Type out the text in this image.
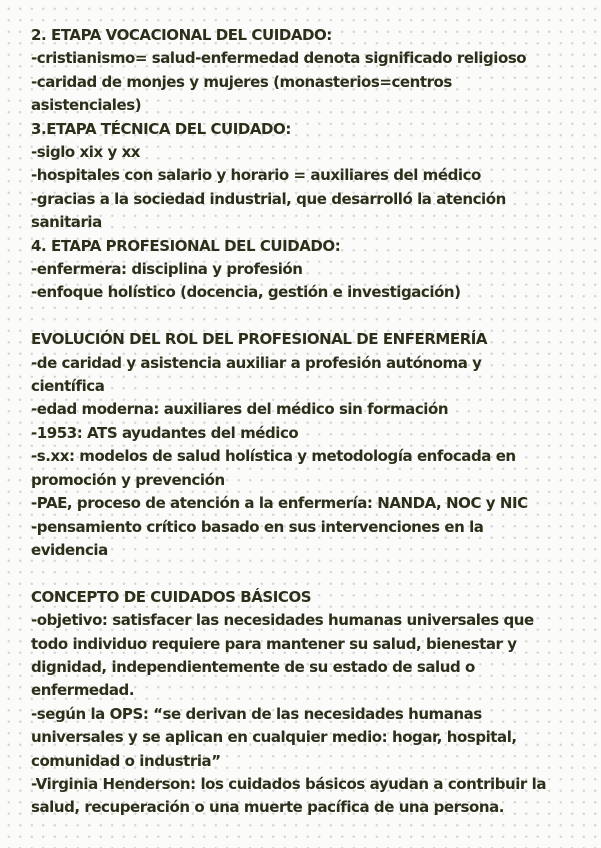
2. ETAPA VOCACIONAL DEL CUIDADO:
-cristianismo= salud-enfermedad denota significado religioso
-caridad de monjes y mujeres (monasterios=centros
asistenciales)
3.ETAPA TÉCNICA DEL CUIDADO:
-siglo xix y xx
-hospitales con salario y horario = auxiliares del médico
-gracias a la sociedad industrial, que desarrolló la atención
sanitaria
4. ETAPA PROFESIONAL DEL CUIDADO:
-enfermera: disciplina y profesión
-enfoque holístico (docencia, gestión e investigación)
EVOLUCIÓN DEL ROL DEL PROFESIONAL DE ENFERMERÍA
-de caridad y asistencia auxiliar a profesión autónoma y
científica
-edad moderna: auxiliares del médico sin formación
-1953: ATS ayudantes del médico
-s.xx: modelos de salud holística y metodología enfocada en
promoción y prevención
-PAE, proceso de atención a la enfermería: NANDA, NOC y NIC
-pensamiento crítico basado en sus intervenciones en la
evidencia
CONCEPTO DE CUIDADOS BÁSICOS
-objetivo: satisfacer las necesidades humanas universales que
todo individuo requiere para mantener su salud, bienestar y
dignidad, independientemente de su estado de salud o
enfermedad.
-según la OPS: “se derivan de las necesidades humanas
universales y se aplican en cualquier medio: hogar, hospital,
comunidad o industria”
-Virginia Henderson: los cuidados básicos ayudan a contribuir la
salud, recuperación o una muerte pacífica de una persona.
